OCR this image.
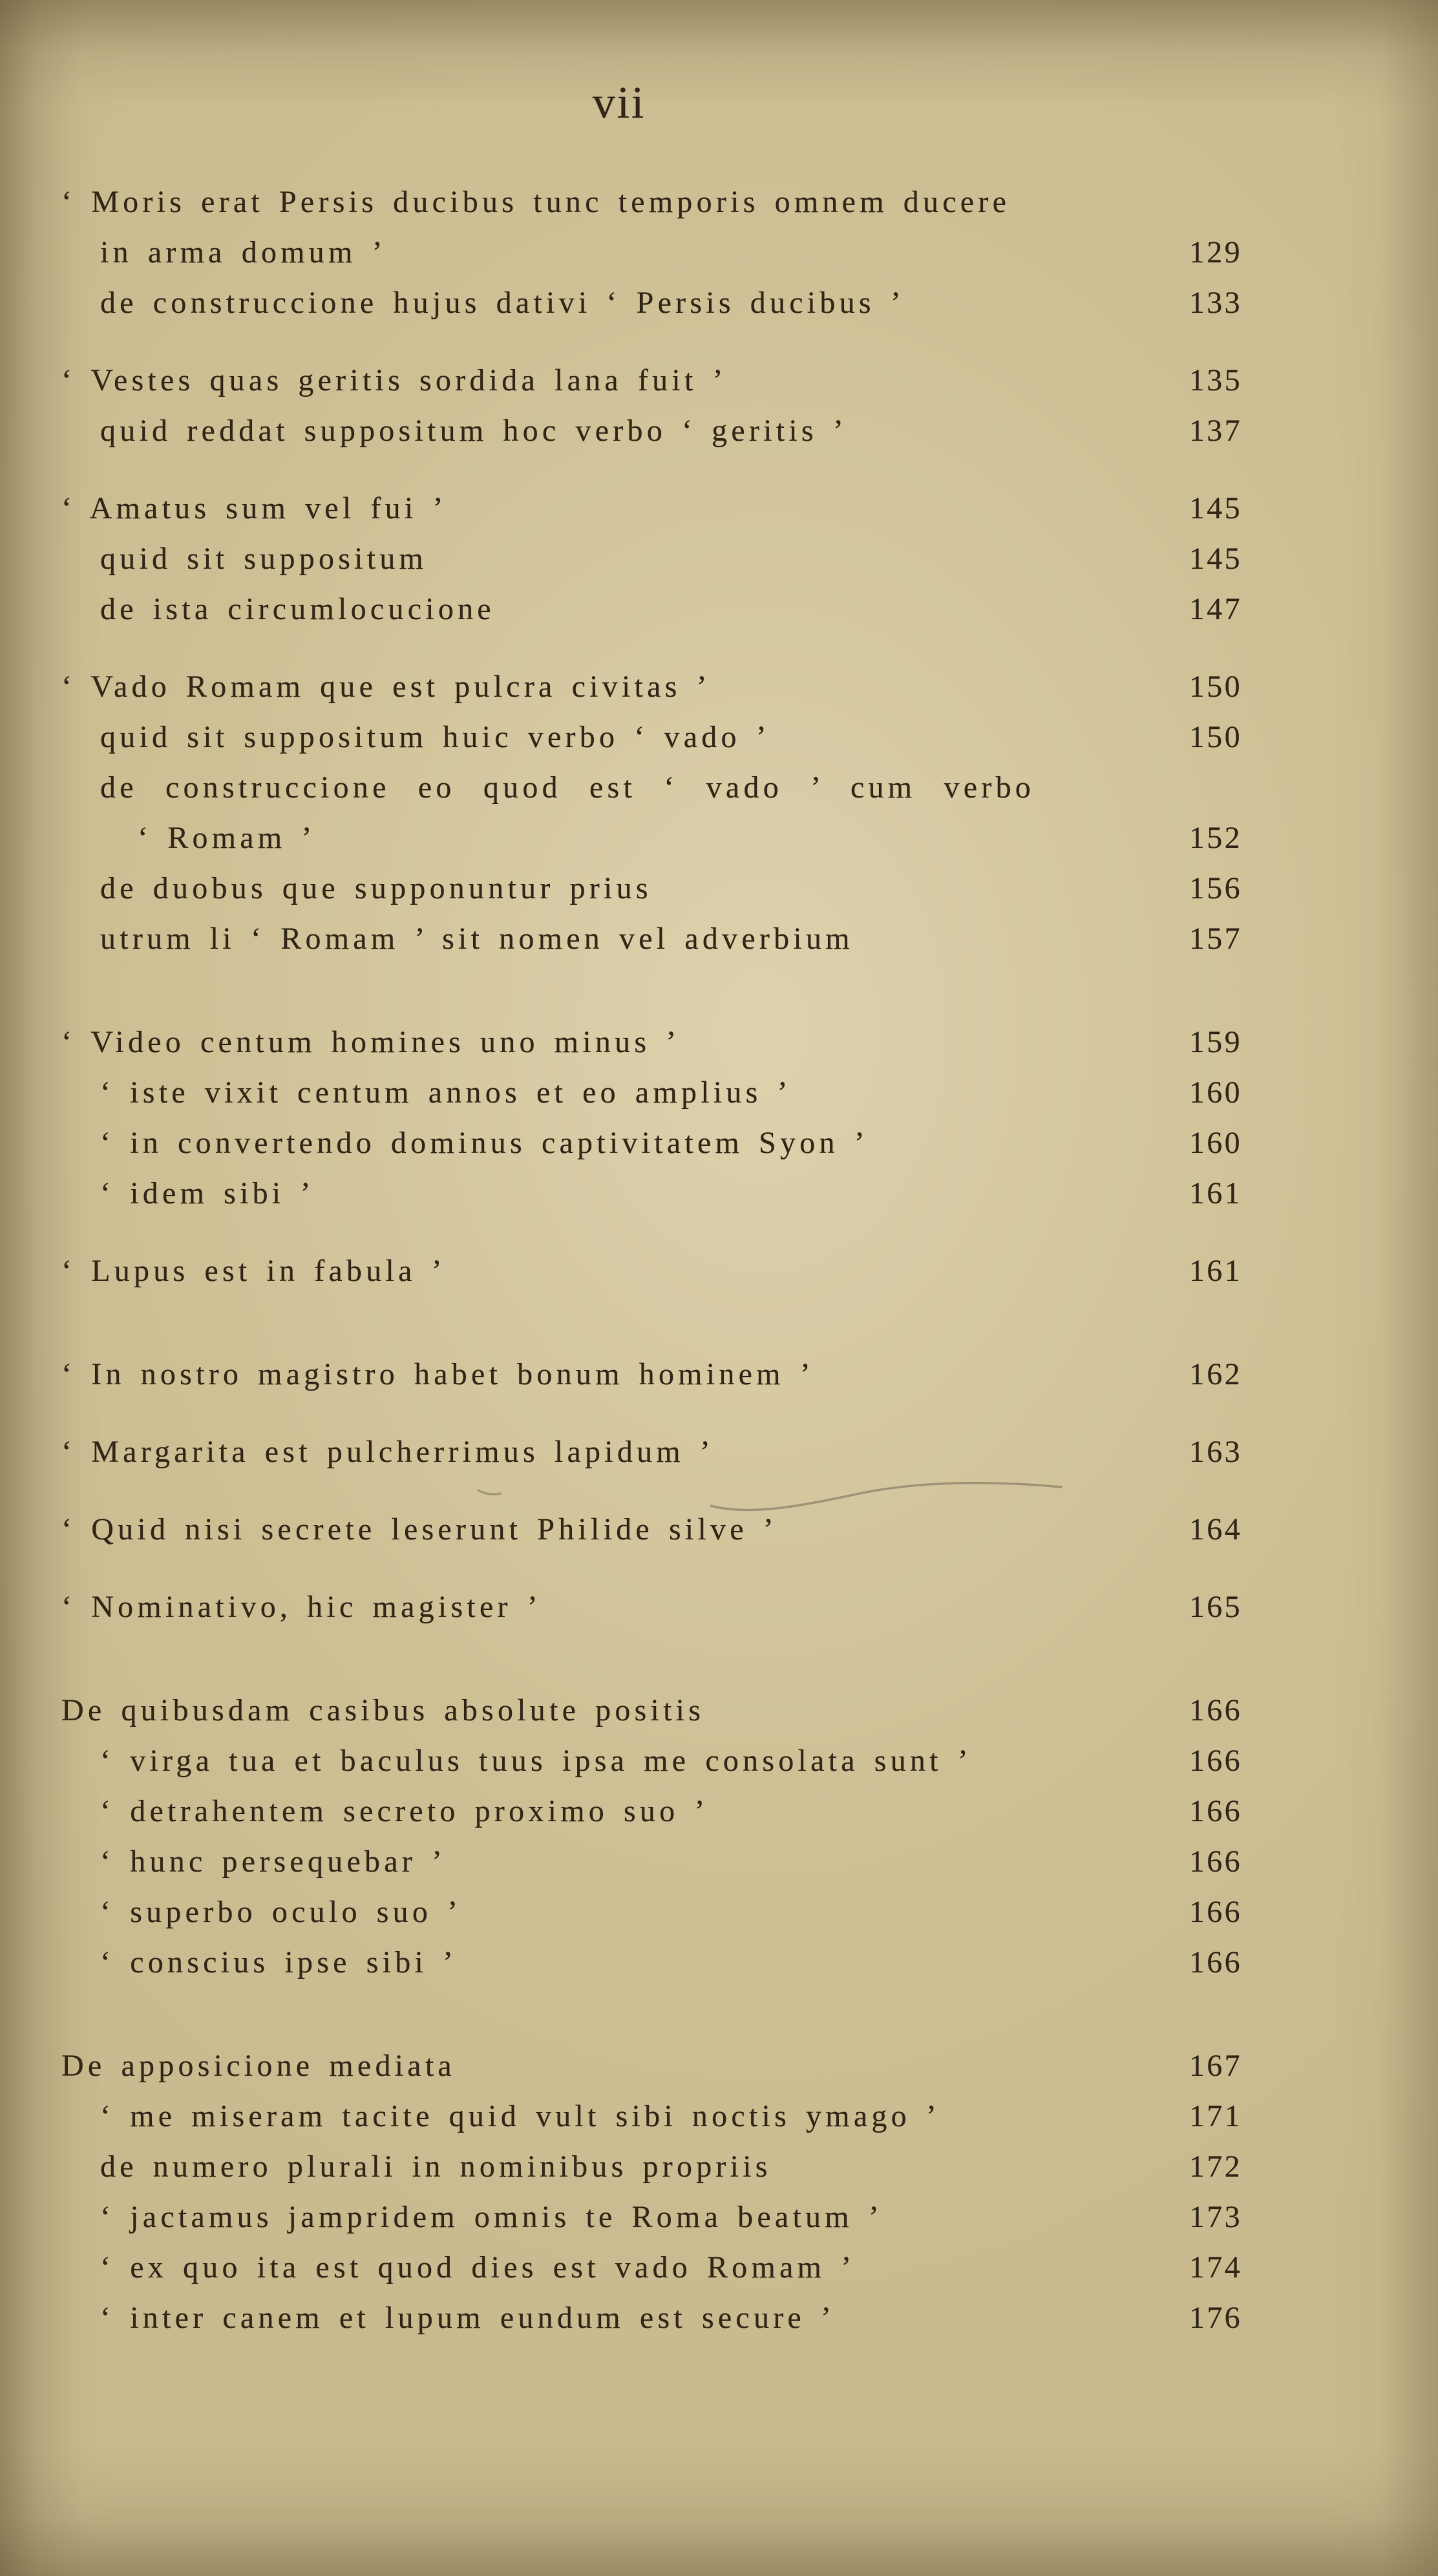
vii
‘ Moris erat Persis ducibus tunc temporis omnem ducere
in arma domum ’	129
de construccione hujus dativi ‘ Persis ducibus ’	133
‘ Vestes quas geritis sordida lana fuit ’	135
quid reddat suppositum hoc verbo ‘ geritis ’	137
‘ Amatus sum vel fui ’	145
quid sit suppositum	145
de ista circumlocucione	147
‘ Vado Romam que est pulcra civitas ’	150
quid sit suppositum huic verbo ‘ vado ’	150
de construccione eo quod est ‘ vado ’ cum verbo
‘ Romam ’	152
de duobus que supponuntur prius	156
utrum li ‘ Romam ’ sit nomen vel adverbium	157
‘ Video centum homines uno minus ’	159
‘ iste vixit centum annos et eo amplius ’	160
‘ in convertendo dominus captivitatem Syon ’	160
‘ idem sibi ’	161
‘ Lupus est in fabula ’	161
‘ In nostro magistro habet bonum hominem ’	162
‘ Margarita est pulcherrimus lapidum ’	163
‘ Quid nisi secrete leserunt Philide silve ’	164
‘ Nominativo, hic magister ’	165
De quibusdam casibus absolute positis	166
‘ virga tua et baculus tuus ipsa me consolata sunt ’	166
‘ detrahentem secreto proximo suo ’	166
‘ hunc persequebar ’	166
‘ superbo oculo suo ’	166
‘ conscius ipse sibi ’	166
De apposicione mediata	167
‘ me miseram tacite quid vult sibi noctis ymago ’	171
de numero plurali in nominibus propriis	172
‘ jactamus jampridem omnis te Roma beatum ’	173
‘ ex quo ita est quod dies est vado Romam ’	174
‘ inter canem et lupum eundum est secure ’	176
